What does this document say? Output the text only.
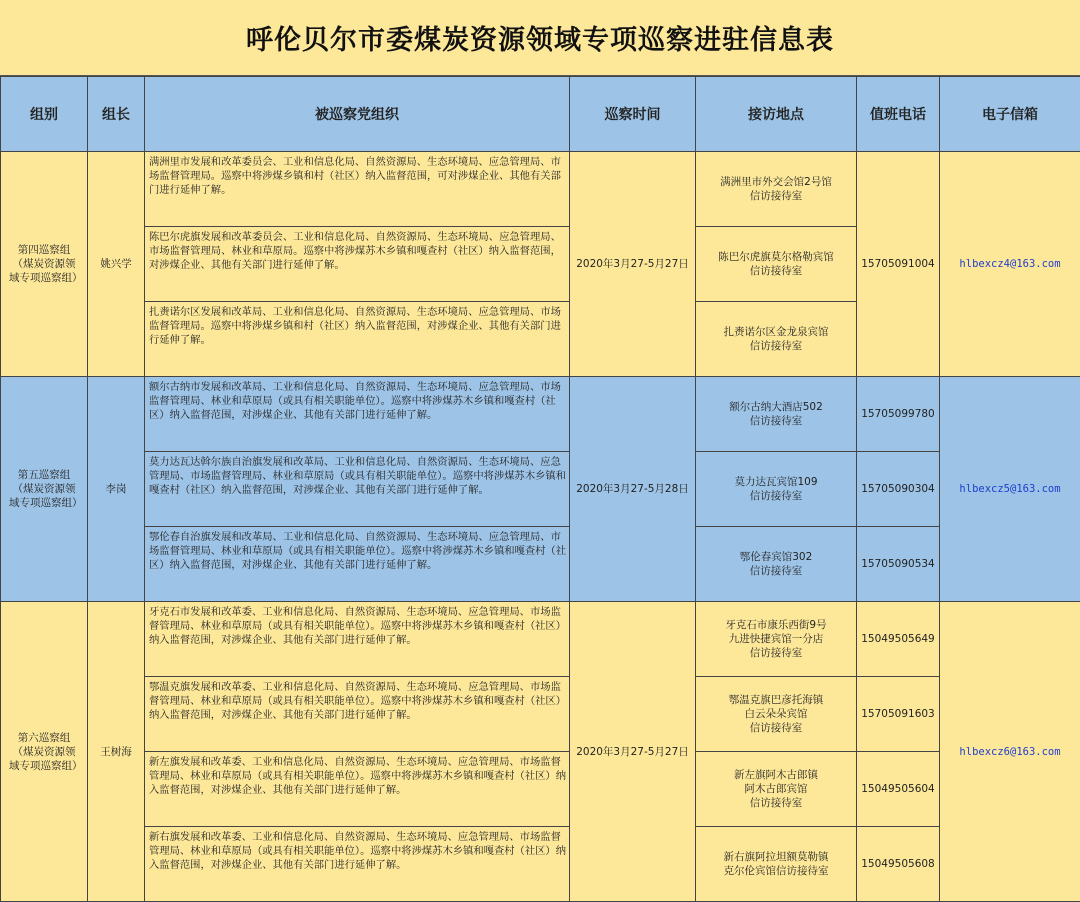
呼伦贝尔市委煤炭资源领域专项巡察进驻信息表
组别	组长	被巡察党组织	巡察时间	接访地点	值班电话	电子信箱

第四巡察组（煤炭资源领域专项巡察组）	姚兴学	满洲里市发展和改革委员会、工业和信息化局、自然资源局、生态环境局、应急管理局、市场监督管理局。巡察中将涉煤乡镇和村（社区）纳入监督范围，可对涉煤企业、其他有关部门进行延伸了解。	2020年3月27-5月27日	满洲里市外交会馆2号馆
信访接待室	15705091004	hlbexcz4@163.com
		陈巴尔虎旗发展和改革委员会、工业和信息化局、自然资源局、生态环境局、应急管理局、市场监督管理局、林业和草原局。巡察中将涉煤苏木乡镇和嘎查村（社区）纳入监督范围，对涉煤企业、其他有关部门进行延伸了解。		陈巴尔虎旗莫尔格勒宾馆
信访接待室		
		扎赉诺尔区发展和改革局、工业和信息化局、自然资源局、生态环境局、应急管理局、市场监督管理局。巡察中将涉煤乡镇和村（社区）纳入监督范围，对涉煤企业、其他有关部门进行延伸了解。		扎赉诺尔区金龙泉宾馆
信访接待室		

第五巡察组（煤炭资源领域专项巡察组）	李岗	额尔古纳市发展和改革局、工业和信息化局、自然资源局、生态环境局、应急管理局、市场监督管理局、林业和草原局（或具有相关职能单位）。巡察中将涉煤苏木乡镇和嘎查村（社区）纳入监督范围，对涉煤企业、其他有关部门进行延伸了解。	2020年3月27-5月28日	额尔古纳大酒店502
信访接待室	15705099780	hlbexcz5@163.com
		莫力达瓦达斡尔族自治旗发展和改革局、工业和信息化局、自然资源局、生态环境局、应急管理局、市场监督管理局、林业和草原局（或具有相关职能单位）。巡察中将涉煤苏木乡镇和嘎查村（社区）纳入监督范围，对涉煤企业、其他有关部门进行延伸了解。		莫力达瓦宾馆109
信访接待室	15705090304	
		鄂伦春自治旗发展和改革局、工业和信息化局、自然资源局、生态环境局、应急管理局、市场监督管理局、林业和草原局（或具有相关职能单位）。巡察中将涉煤苏木乡镇和嘎查村（社区）纳入监督范围，对涉煤企业、其他有关部门进行延伸了解。		鄂伦春宾馆302
信访接待室	15705090534	

第六巡察组（煤炭资源领域专项巡察组）	王树海	牙克石市发展和改革委、工业和信息化局、自然资源局、生态环境局、应急管理局、市场监督管理局、林业和草原局（或具有相关职能单位）。巡察中将涉煤苏木乡镇和嘎查村（社区）纳入监督范围，对涉煤企业、其他有关部门进行延伸了解。	2020年3月27-5月27日	牙克石市康乐西街9号
九进快捷宾馆一分店
信访接待室	15049505649	hlbexcz6@163.com
		鄂温克旗发展和改革委、工业和信息化局、自然资源局、生态环境局、应急管理局、市场监督管理局、林业和草原局（或具有相关职能单位）。巡察中将涉煤苏木乡镇和嘎查村（社区）纳入监督范围，对涉煤企业、其他有关部门进行延伸了解。		鄂温克旗巴彦托海镇
白云朵朵宾馆
信访接待室	15705091603	
		新左旗发展和改革委、工业和信息化局、自然资源局、生态环境局、应急管理局、市场监督管理局、林业和草原局（或具有相关职能单位）。巡察中将涉煤苏木乡镇和嘎查村（社区）纳入监督范围，对涉煤企业、其他有关部门进行延伸了解。		新左旗阿木古郎镇
阿木古郎宾馆
信访接待室	15049505604	
		新右旗发展和改革委、工业和信息化局、自然资源局、生态环境局、应急管理局、市场监督管理局、林业和草原局（或具有相关职能单位）。巡察中将涉煤苏木乡镇和嘎查村（社区）纳入监督范围，对涉煤企业、其他有关部门进行延伸了解。		新右旗阿拉坦额莫勒镇
克尔伦宾馆信访接待室	15049505608	
